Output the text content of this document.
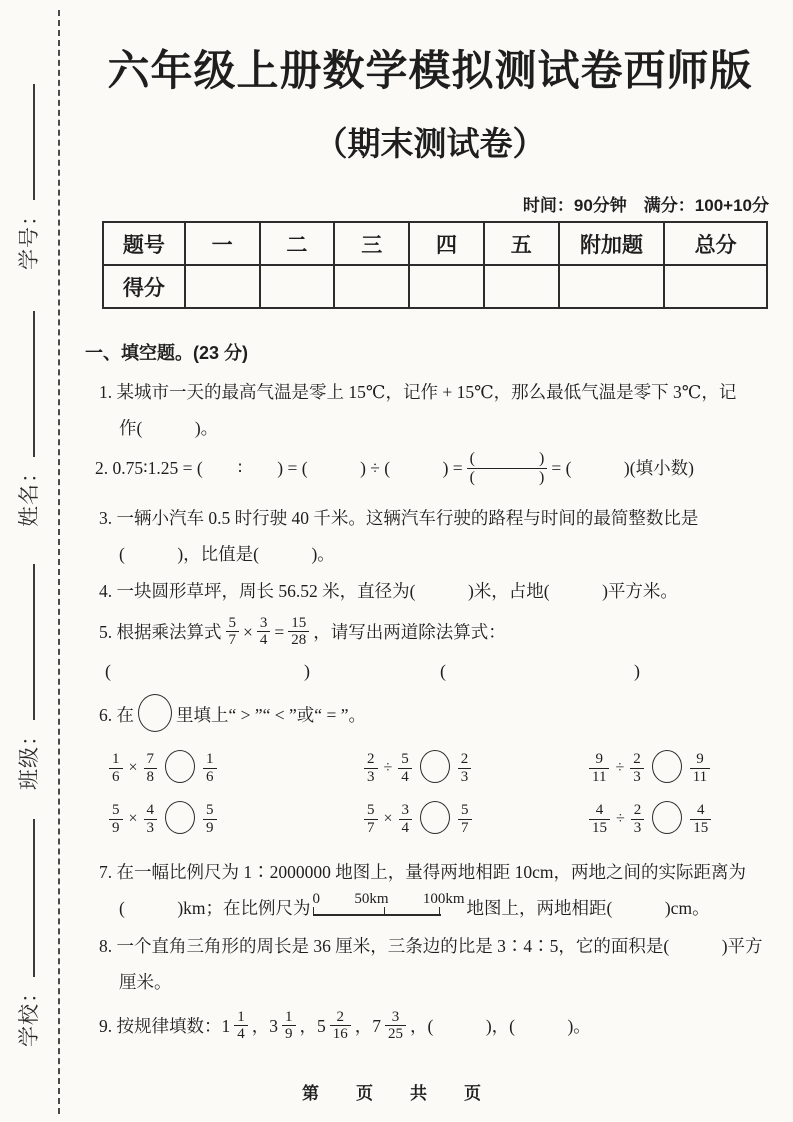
学号：
姓名：
班级：
学校：
六年级上册数学模拟测试卷西师版
（期末测试卷）
时间：90分钟　满分：100+10分
题号	一	二	三	四	五	附加题	总分
得分							
一、填空题。(23 分)
1. 某城市一天的最高气温是零上 15℃，记作 + 15℃，那么最低气温是零下 3℃，记
作(　　　)。
2. 0.75∶1.25 = (　　∶　　) = (　　　) ÷ (　　　) = $\frac{( )}{( )}$ = (　　　)(填小数)
3. 一辆小汽车 0.5 时行驶 40 千米。这辆汽车行驶的路程与时间的最简整数比是
(　　　)，比值是(　　　)。
4. 一块圆形草坪，周长 56.52 米，直径为(　　　)米，占地(　　　)平方米。
5. 根据乘法算式 $\frac{5}{7} \times \frac{3}{4} = \frac{15}{28}$ ，请写出两道除法算式：
(	)	(	)
6. 在 里填上“ > ”“ < ”或“ = ”。
$\frac{1}{6} \times \frac{7}{8}$	$\frac{1}{6}$	$\frac{2}{3} \div \frac{5}{4}$	$\frac{2}{3}$	$\frac{9}{11} \div \frac{2}{3}$	$\frac{9}{11}$
$\frac{5}{9} \times \frac{4}{3}$	$\frac{5}{9}$	$\frac{5}{7} \times \frac{3}{4}$	$\frac{5}{7}$	$\frac{4}{15} \div \frac{2}{3}$	$\frac{4}{15}$
7. 在一幅比例尺为 1∶2000000 地图上，量得两地相距 10cm，两地之间的实际距离为
(　　　)km；在比例尺为 0 50km 100km 地图上，两地相距(　　　)cm。
8. 一个直角三角形的周长是 36 厘米，三条边的比是 3∶4∶5，它的面积是(　　　)平方
厘米。
9. 按规律填数：$1 \frac{1}{4}$ ，$3 \frac{1}{9}$ ，$5 \frac{2}{16}$ ，$7 \frac{3}{25}$ ，(　　　)，(　　　)。
第　页　共　页
